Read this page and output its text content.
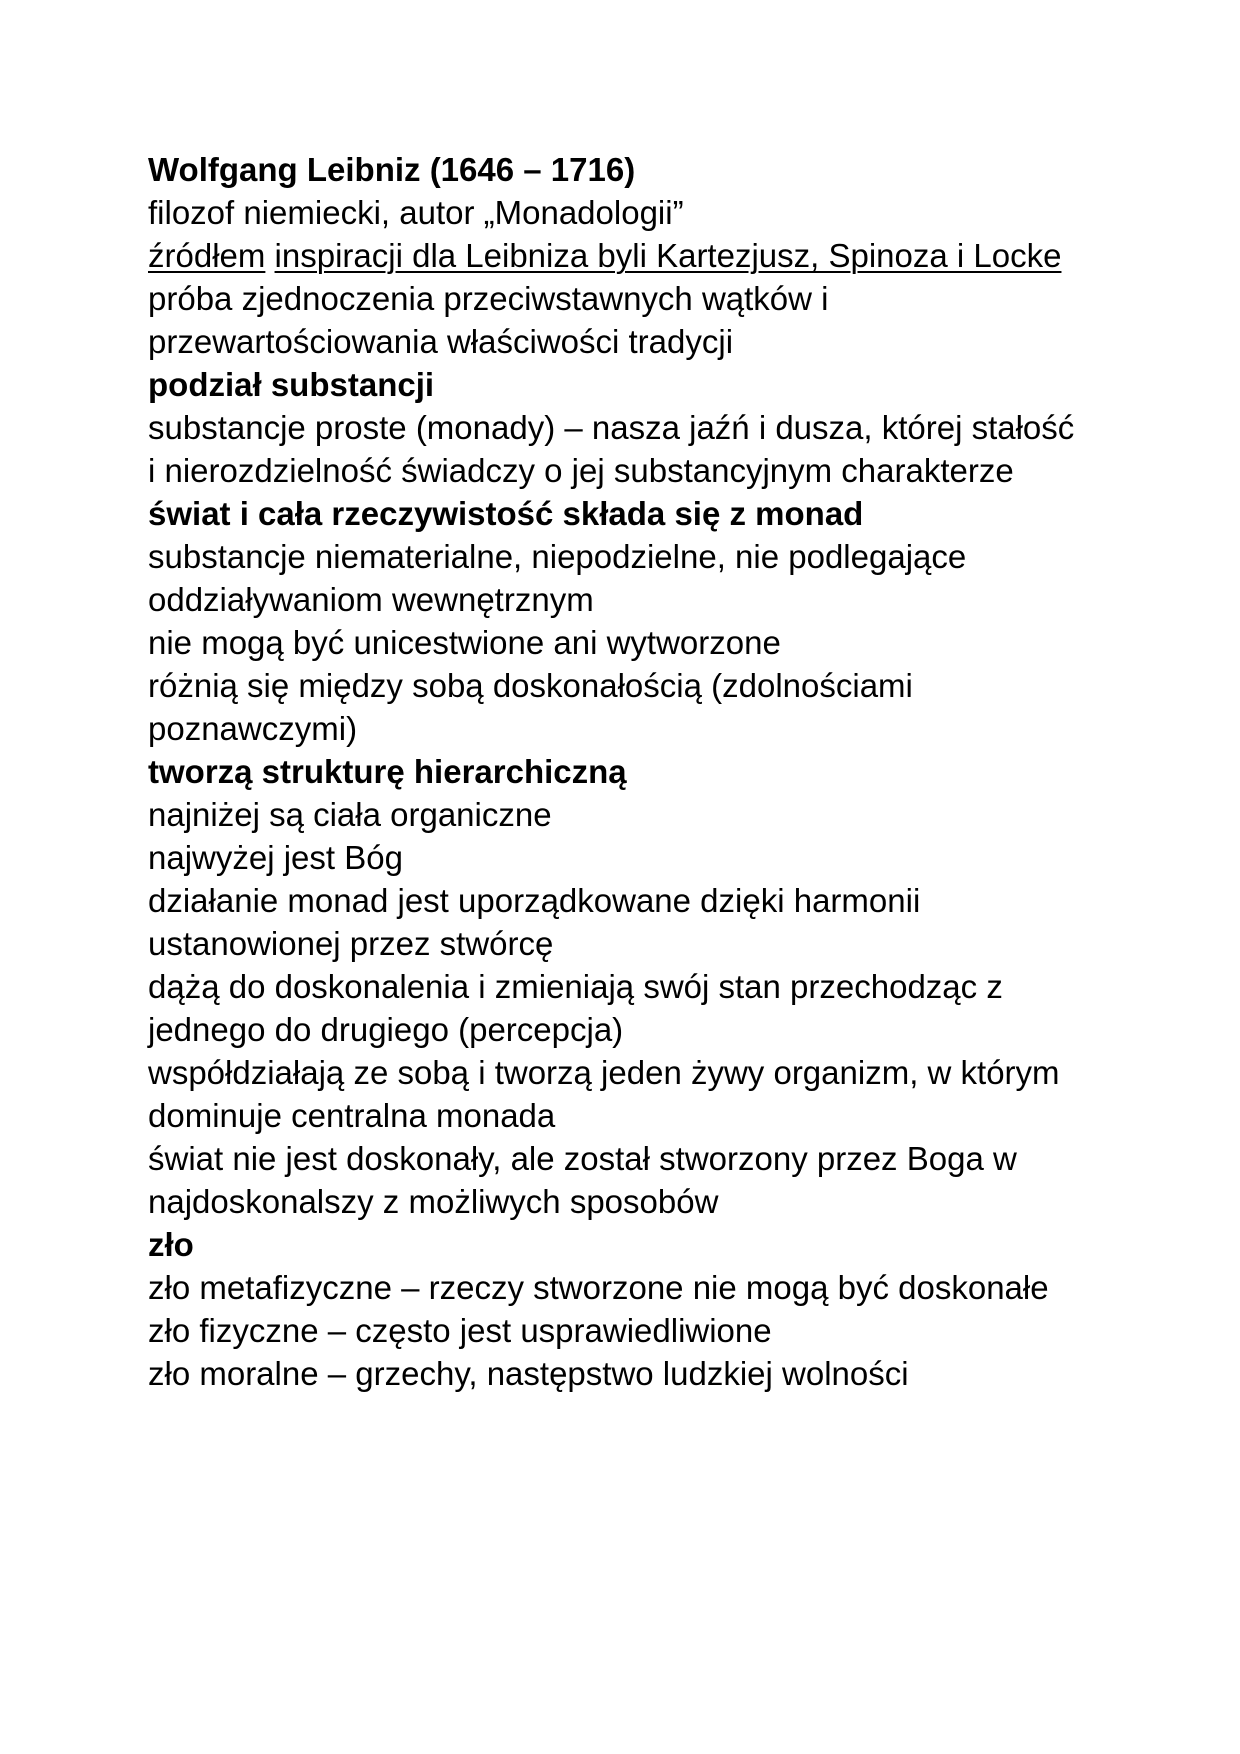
Wolfgang Leibniz (1646 – 1716)

filozof niemiecki, autor „Monadologii”

źródłem inspiracji dla Leibniza byli Kartezjusz, Spinoza i Locke

próba zjednoczenia przeciwstawnych wątków i przewartościowania właściwości tradycji

podział substancji

substancje proste (monady) – nasza jaźń i dusza, której stałość i nierozdzielność świadczy o jej substancyjnym charakterze

świat i cała rzeczywistość składa się z monad

substancje niematerialne, niepodzielne, nie podlegające oddziaływaniom wewnętrznym

nie mogą być unicestwione ani wytworzone

różnią się między sobą doskonałością (zdolnościami poznawczymi)

tworzą strukturę hierarchiczną

najniżej są ciała organiczne

najwyżej jest Bóg

działanie monad jest uporządkowane dzięki harmonii ustanowionej przez stwórcę

dążą do doskonalenia i zmieniają swój stan przechodząc z jednego do drugiego (percepcja)

współdziałają ze sobą i tworzą jeden żywy organizm, w którym dominuje centralna monada

świat nie jest doskonały, ale został stworzony przez Boga w najdoskonalszy z możliwych sposobów

zło

zło metafizyczne – rzeczy stworzone nie mogą być doskonałe

zło fizyczne – często jest usprawiedliwione

zło moralne – grzechy, następstwo ludzkiej wolności
